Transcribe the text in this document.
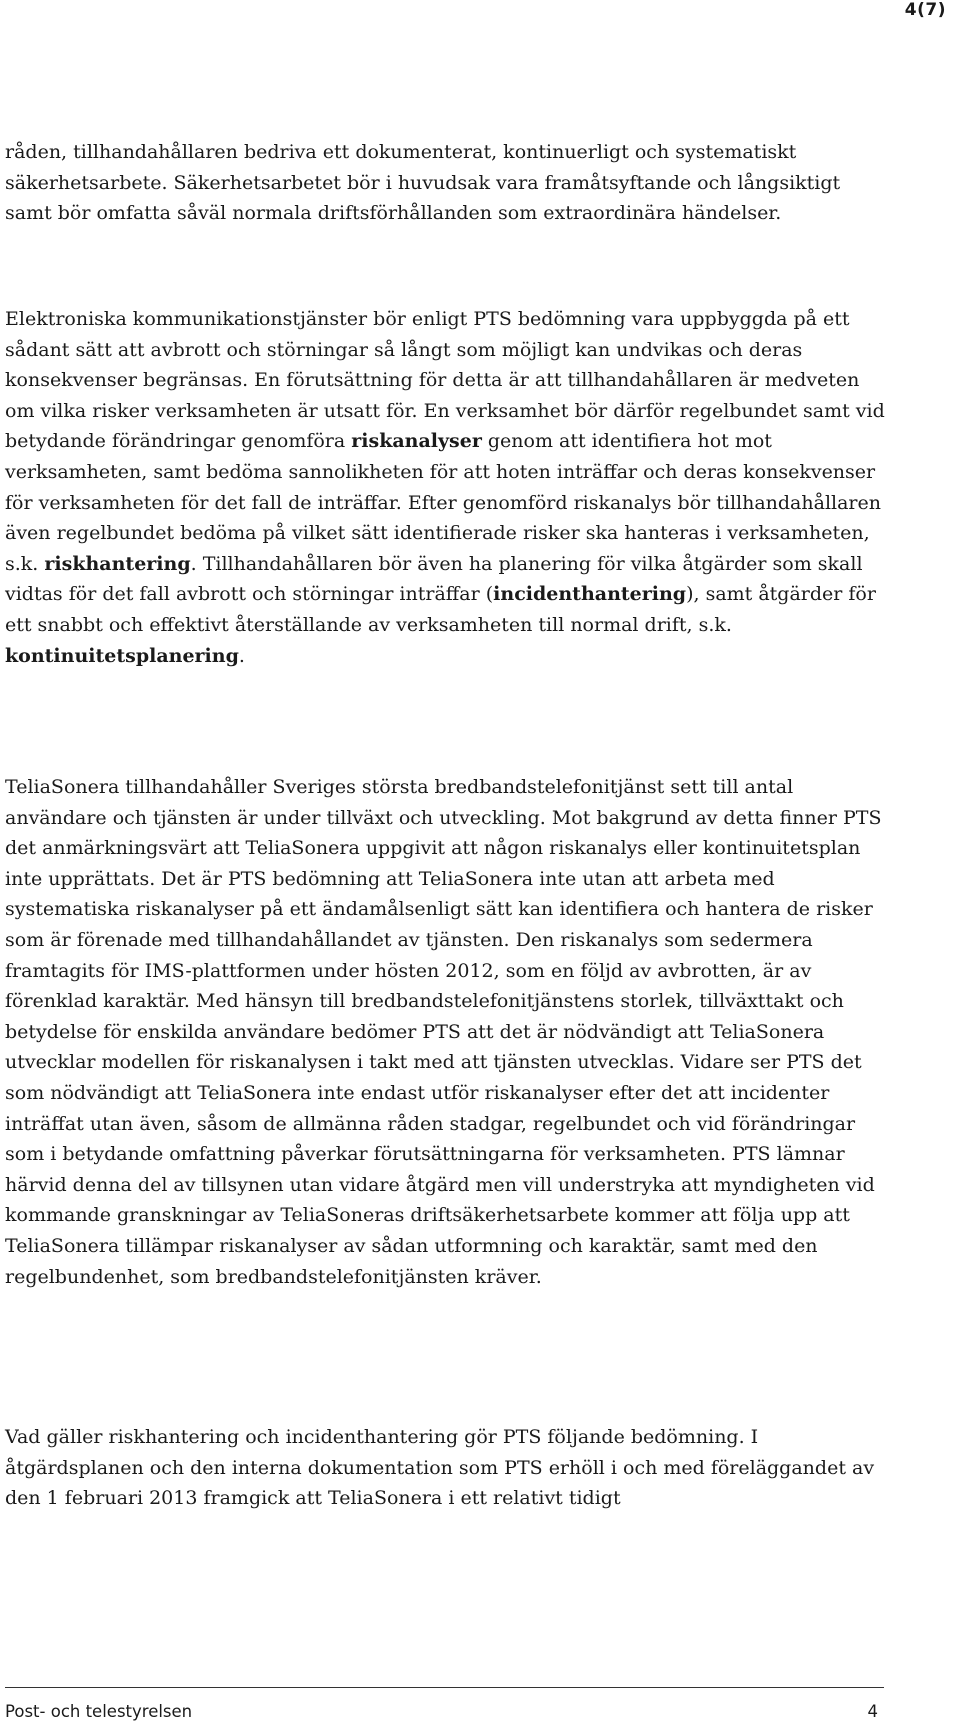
4(7)

råden, tillhandahållaren bedriva ett dokumenterat, kontinuerligt och systematiskt säkerhetsarbete. Säkerhetsarbetet bör i huvudsak vara framåtsyftande och långsiktigt samt bör omfatta såväl normala driftsförhållanden som extraordinära händelser.

Elektroniska kommunikationstjänster bör enligt PTS bedömning vara uppbyggda på ett sådant sätt att avbrott och störningar så långt som möjligt kan undvikas och deras konsekvenser begränsas. En förutsättning för detta är att tillhandahållaren är medveten om vilka risker verksamheten är utsatt för. En verksamhet bör därför regelbundet samt vid betydande förändringar genomföra riskanalyser genom att identifiera hot mot verksamheten, samt bedöma sannolikheten för att hoten inträffar och deras konsekvenser för verksamheten för det fall de inträffar. Efter genomförd riskanalys bör tillhandahållaren även regelbundet bedöma på vilket sätt identifierade risker ska hanteras i verksamheten, s.k. riskhantering. Tillhandahållaren bör även ha planering för vilka åtgärder som skall vidtas för det fall avbrott och störningar inträffar (incidenthantering), samt åtgärder för ett snabbt och effektivt återställande av verksamheten till normal drift, s.k. kontinuitetsplanering.

TeliaSonera tillhandahåller Sveriges största bredbandstelefonitjänst sett till antal användare och tjänsten är under tillväxt och utveckling. Mot bakgrund av detta finner PTS det anmärkningsvärt att TeliaSonera uppgivit att någon riskanalys eller kontinuitetsplan inte upprättats. Det är PTS bedömning att TeliaSonera inte utan att arbeta med systematiska riskanalyser på ett ändamålsenligt sätt kan identifiera och hantera de risker som är förenade med tillhandahållandet av tjänsten. Den riskanalys som sedermera framtagits för IMS-plattformen under hösten 2012, som en följd av avbrotten, är av förenklad karaktär. Med hänsyn till bredbandstelefonitjänstens storlek, tillväxttakt och betydelse för enskilda användare bedömer PTS att det är nödvändigt att TeliaSonera utvecklar modellen för riskanalysen i takt med att tjänsten utvecklas. Vidare ser PTS det som nödvändigt att TeliaSonera inte endast utför riskanalyser efter det att incidenter inträffat utan även, såsom de allmänna råden stadgar, regelbundet och vid förändringar som i betydande omfattning påverkar förutsättningarna för verksamheten. PTS lämnar härvid denna del av tillsynen utan vidare åtgärd men vill understryka att myndigheten vid kommande granskningar av TeliaSoneras driftsäkerhetsarbete kommer att följa upp att TeliaSonera tillämpar riskanalyser av sådan utformning och karaktär, samt med den regelbundenhet, som bredbandstelefonitjänsten kräver.

Vad gäller riskhantering och incidenthantering gör PTS följande bedömning. I åtgärdsplanen och den interna dokumentation som PTS erhöll i och med föreläggandet av den 1 februari 2013 framgick att TeliaSonera i ett relativt tidigt

Post- och telestyrelsen	4
